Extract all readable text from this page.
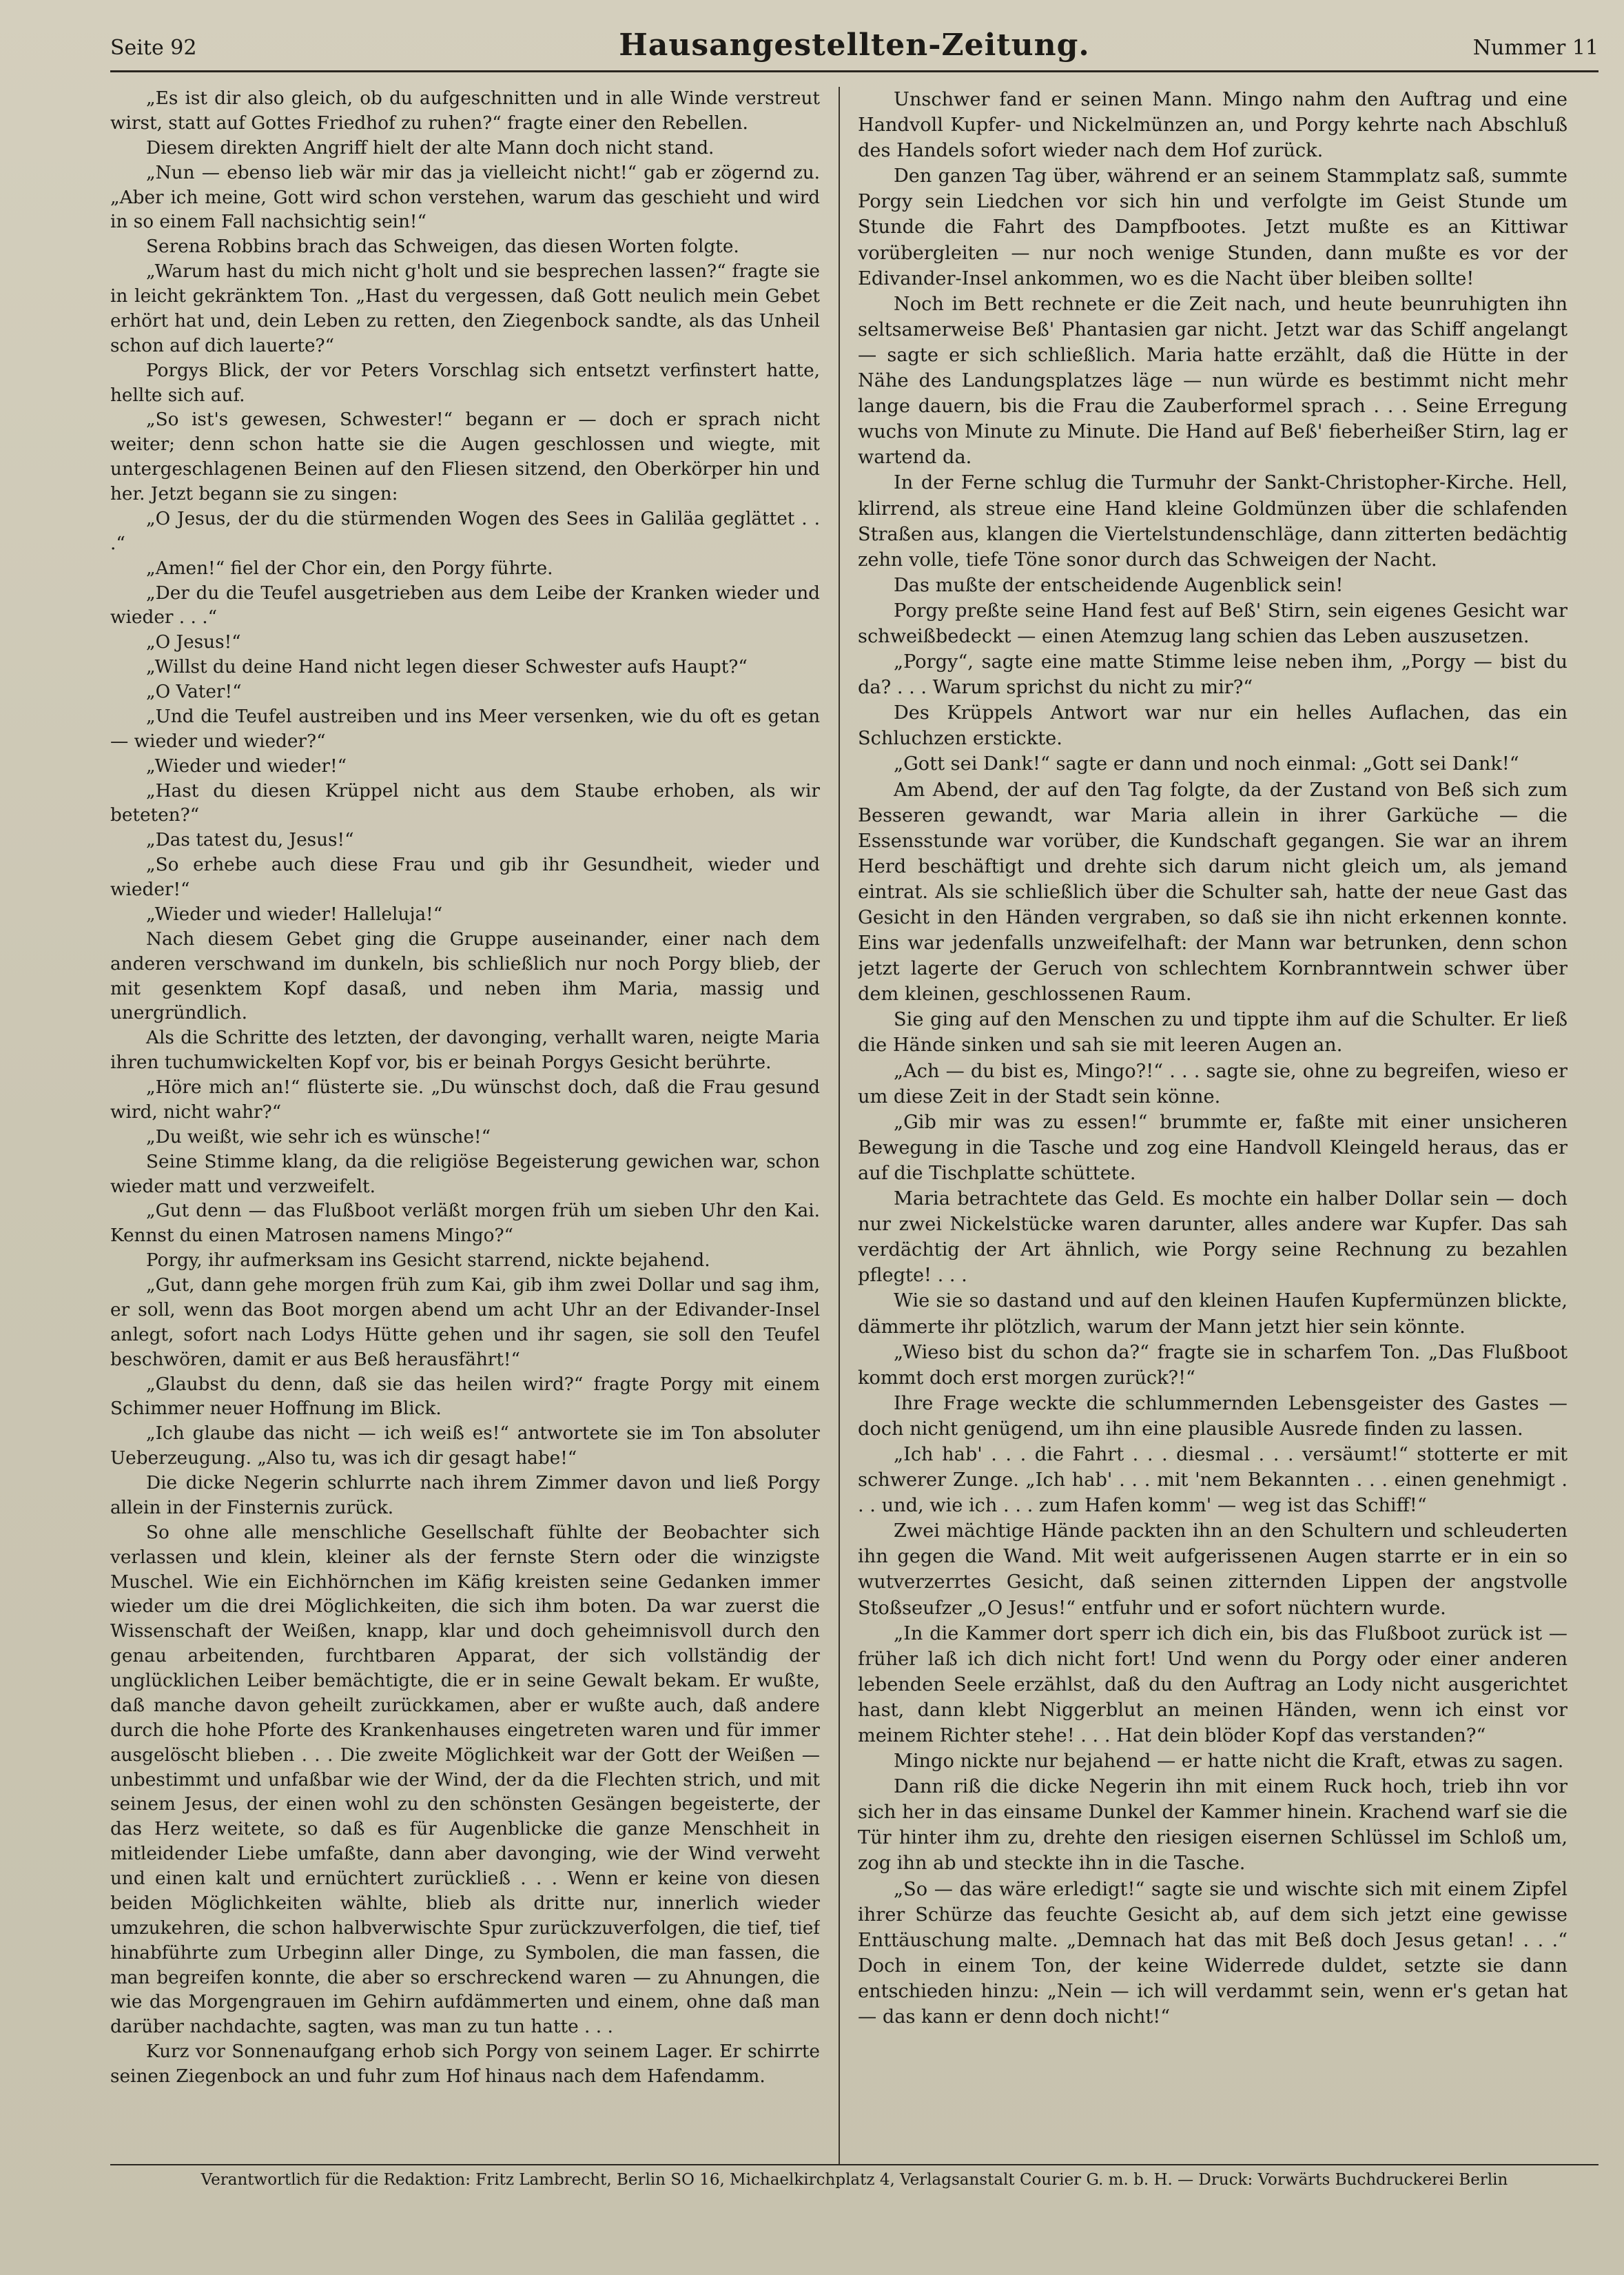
Seite 92	Hausangestellten-Zeitung.	Nummer 11

„Es ist dir also gleich, ob du aufgeschnitten und in alle Winde verstreut wirst, statt auf Gottes Friedhof zu ruhen?“ fragte einer den Rebellen.

Diesem direkten Angriff hielt der alte Mann doch nicht stand.

„Nun — ebenso lieb wär mir das ja vielleicht nicht!“ gab er zögernd zu. „Aber ich meine, Gott wird schon verstehen, warum das geschieht und wird in so einem Fall nachsichtig sein!“

Serena Robbins brach das Schweigen, das diesen Worten folgte.

„Warum hast du mich nicht g'holt und sie besprechen lassen?“ fragte sie in leicht gekränktem Ton. „Hast du vergessen, daß Gott neulich mein Gebet erhört hat und, dein Leben zu retten, den Ziegenbock sandte, als das Unheil schon auf dich lauerte?“

Porgys Blick, der vor Peters Vorschlag sich entsetzt verfinstert hatte, hellte sich auf.

„So ist's gewesen, Schwester!“ begann er — doch er sprach nicht weiter; denn schon hatte sie die Augen geschlossen und wiegte, mit untergeschlagenen Beinen auf den Fliesen sitzend, den Oberkörper hin und her. Jetzt begann sie zu singen:

„O Jesus, der du die stürmenden Wogen des Sees in Galiläa geglättet . . .“

„Amen!“ fiel der Chor ein, den Porgy führte.

„Der du die Teufel ausgetrieben aus dem Leibe der Kranken wieder und wieder . . .“

„O Jesus!“

„Willst du deine Hand nicht legen dieser Schwester aufs Haupt?“

„O Vater!“

„Und die Teufel austreiben und ins Meer versenken, wie du oft es getan — wieder und wieder?“

„Wieder und wieder!“

„Hast du diesen Krüppel nicht aus dem Staube erhoben, als wir beteten?“

„Das tatest du, Jesus!“

„So erhebe auch diese Frau und gib ihr Gesundheit, wieder und wieder!“

„Wieder und wieder! Halleluja!“

Nach diesem Gebet ging die Gruppe auseinander, einer nach dem anderen verschwand im dunkeln, bis schließlich nur noch Porgy blieb, der mit gesenktem Kopf dasaß, und neben ihm Maria, massig und unergründlich.

Als die Schritte des letzten, der davonging, verhallt waren, neigte Maria ihren tuchumwickelten Kopf vor, bis er beinah Porgys Gesicht berührte.

„Höre mich an!“ flüsterte sie. „Du wünschst doch, daß die Frau gesund wird, nicht wahr?“

„Du weißt, wie sehr ich es wünsche!“

Seine Stimme klang, da die religiöse Begeisterung gewichen war, schon wieder matt und verzweifelt.

„Gut denn — das Flußboot verläßt morgen früh um sieben Uhr den Kai. Kennst du einen Matrosen namens Mingo?“

Porgy, ihr aufmerksam ins Gesicht starrend, nickte bejahend.

„Gut, dann gehe morgen früh zum Kai, gib ihm zwei Dollar und sag ihm, er soll, wenn das Boot morgen abend um acht Uhr an der Edivander-Insel anlegt, sofort nach Lodys Hütte gehen und ihr sagen, sie soll den Teufel beschwören, damit er aus Beß herausfährt!“

„Glaubst du denn, daß sie das heilen wird?“ fragte Porgy mit einem Schimmer neuer Hoffnung im Blick.

„Ich glaube das nicht — ich weiß es!“ antwortete sie im Ton absoluter Ueberzeugung. „Also tu, was ich dir gesagt habe!“

Die dicke Negerin schlurrte nach ihrem Zimmer davon und ließ Porgy allein in der Finsternis zurück.

So ohne alle menschliche Gesellschaft fühlte der Beobachter sich verlassen und klein, kleiner als der fernste Stern oder die winzigste Muschel. Wie ein Eichhörnchen im Käfig kreisten seine Gedanken immer wieder um die drei Möglichkeiten, die sich ihm boten. Da war zuerst die Wissenschaft der Weißen, knapp, klar und doch geheimnisvoll durch den genau arbeitenden, furchtbaren Apparat, der sich vollständig der unglücklichen Leiber bemächtigte, die er in seine Gewalt bekam. Er wußte, daß manche davon geheilt zurückkamen, aber er wußte auch, daß andere durch die hohe Pforte des Krankenhauses eingetreten waren und für immer ausgelöscht blieben . . . Die zweite Möglichkeit war der Gott der Weißen — unbestimmt und unfaßbar wie der Wind, der da die Flechten strich, und mit seinem Jesus, der einen wohl zu den schönsten Gesängen begeisterte, der das Herz weitete, so daß es für Augenblicke die ganze Menschheit in mitleidender Liebe umfaßte, dann aber davonging, wie der Wind verweht und einen kalt und ernüchtert zurückließ . . . Wenn er keine von diesen beiden Möglichkeiten wählte, blieb als dritte nur, innerlich wieder umzukehren, die schon halbverwischte Spur zurückzuverfolgen, die tief, tief hinabführte zum Urbeginn aller Dinge, zu Symbolen, die man fassen, die man begreifen konnte, die aber so erschreckend waren — zu Ahnungen, die wie das Morgengrauen im Gehirn aufdämmerten und einem, ohne daß man darüber nachdachte, sagten, was man zu tun hatte . . .

Kurz vor Sonnenaufgang erhob sich Porgy von seinem Lager. Er schirrte seinen Ziegenbock an und fuhr zum Hof hinaus nach dem Hafendamm.

Unschwer fand er seinen Mann. Mingo nahm den Auftrag und eine Handvoll Kupfer- und Nickelmünzen an, und Porgy kehrte nach Abschluß des Handels sofort wieder nach dem Hof zurück.

Den ganzen Tag über, während er an seinem Stammplatz saß, summte Porgy sein Liedchen vor sich hin und verfolgte im Geist Stunde um Stunde die Fahrt des Dampfbootes. Jetzt mußte es an Kittiwar vorübergleiten — nur noch wenige Stunden, dann mußte es vor der Edivander-Insel ankommen, wo es die Nacht über bleiben sollte!

Noch im Bett rechnete er die Zeit nach, und heute beunruhigten ihn seltsamerweise Beß' Phantasien gar nicht. Jetzt war das Schiff angelangt — sagte er sich schließlich. Maria hatte erzählt, daß die Hütte in der Nähe des Landungsplatzes läge — nun würde es bestimmt nicht mehr lange dauern, bis die Frau die Zauberformel sprach . . . Seine Erregung wuchs von Minute zu Minute. Die Hand auf Beß' fieberheißer Stirn, lag er wartend da.

In der Ferne schlug die Turmuhr der Sankt-Christopher-Kirche. Hell, klirrend, als streue eine Hand kleine Goldmünzen über die schlafenden Straßen aus, klangen die Viertelstundenschläge, dann zitterten bedächtig zehn volle, tiefe Töne sonor durch das Schweigen der Nacht.

Das mußte der entscheidende Augenblick sein!

Porgy preßte seine Hand fest auf Beß' Stirn, sein eigenes Gesicht war schweißbedeckt — einen Atemzug lang schien das Leben auszusetzen.

„Porgy“, sagte eine matte Stimme leise neben ihm, „Porgy — bist du da? . . . Warum sprichst du nicht zu mir?“

Des Krüppels Antwort war nur ein helles Auflachen, das ein Schluchzen erstickte.

„Gott sei Dank!“ sagte er dann und noch einmal: „Gott sei Dank!“

Am Abend, der auf den Tag folgte, da der Zustand von Beß sich zum Besseren gewandt, war Maria allein in ihrer Garküche — die Essensstunde war vorüber, die Kundschaft gegangen. Sie war an ihrem Herd beschäftigt und drehte sich darum nicht gleich um, als jemand eintrat. Als sie schließlich über die Schulter sah, hatte der neue Gast das Gesicht in den Händen vergraben, so daß sie ihn nicht erkennen konnte. Eins war jedenfalls unzweifelhaft: der Mann war betrunken, denn schon jetzt lagerte der Geruch von schlechtem Kornbranntwein schwer über dem kleinen, geschlossenen Raum.

Sie ging auf den Menschen zu und tippte ihm auf die Schulter. Er ließ die Hände sinken und sah sie mit leeren Augen an.

„Ach — du bist es, Mingo?!“ . . . sagte sie, ohne zu begreifen, wieso er um diese Zeit in der Stadt sein könne.

„Gib mir was zu essen!“ brummte er, faßte mit einer unsicheren Bewegung in die Tasche und zog eine Handvoll Kleingeld heraus, das er auf die Tischplatte schüttete.

Maria betrachtete das Geld. Es mochte ein halber Dollar sein — doch nur zwei Nickelstücke waren darunter, alles andere war Kupfer. Das sah verdächtig der Art ähnlich, wie Porgy seine Rechnung zu bezahlen pflegte! . . .

Wie sie so dastand und auf den kleinen Haufen Kupfermünzen blickte, dämmerte ihr plötzlich, warum der Mann jetzt hier sein könnte.

„Wieso bist du schon da?“ fragte sie in scharfem Ton. „Das Flußboot kommt doch erst morgen zurück?!“

Ihre Frage weckte die schlummernden Lebensgeister des Gastes — doch nicht genügend, um ihn eine plausible Ausrede finden zu lassen.

„Ich hab' . . . die Fahrt . . . diesmal . . . versäumt!“ stotterte er mit schwerer Zunge. „Ich hab' . . . mit 'nem Bekannten . . . einen genehmigt . . . und, wie ich . . . zum Hafen komm' — weg ist das Schiff!“

Zwei mächtige Hände packten ihn an den Schultern und schleuderten ihn gegen die Wand. Mit weit aufgerissenen Augen starrte er in ein so wutverzerrtes Gesicht, daß seinen zitternden Lippen der angstvolle Stoßseufzer „O Jesus!“ entfuhr und er sofort nüchtern wurde.

„In die Kammer dort sperr ich dich ein, bis das Flußboot zurück ist — früher laß ich dich nicht fort! Und wenn du Porgy oder einer anderen lebenden Seele erzählst, daß du den Auftrag an Lody nicht ausgerichtet hast, dann klebt Niggerblut an meinen Händen, wenn ich einst vor meinem Richter stehe! . . . Hat dein blöder Kopf das verstanden?“

Mingo nickte nur bejahend — er hatte nicht die Kraft, etwas zu sagen.

Dann riß die dicke Negerin ihn mit einem Ruck hoch, trieb ihn vor sich her in das einsame Dunkel der Kammer hinein. Krachend warf sie die Tür hinter ihm zu, drehte den riesigen eisernen Schlüssel im Schloß um, zog ihn ab und steckte ihn in die Tasche.

„So — das wäre erledigt!“ sagte sie und wischte sich mit einem Zipfel ihrer Schürze das feuchte Gesicht ab, auf dem sich jetzt eine gewisse Enttäuschung malte. „Demnach hat das mit Beß doch Jesus getan! . . .“ Doch in einem Ton, der keine Widerrede duldet, setzte sie dann entschieden hinzu: „Nein — ich will verdammt sein, wenn er's getan hat — das kann er denn doch nicht!“

Verantwortlich für die Redaktion: Fritz Lambrecht, Berlin SO 16, Michaelkirchplatz 4, Verlagsanstalt Courier G. m. b. H. — Druck: Vorwärts Buchdruckerei Berlin
